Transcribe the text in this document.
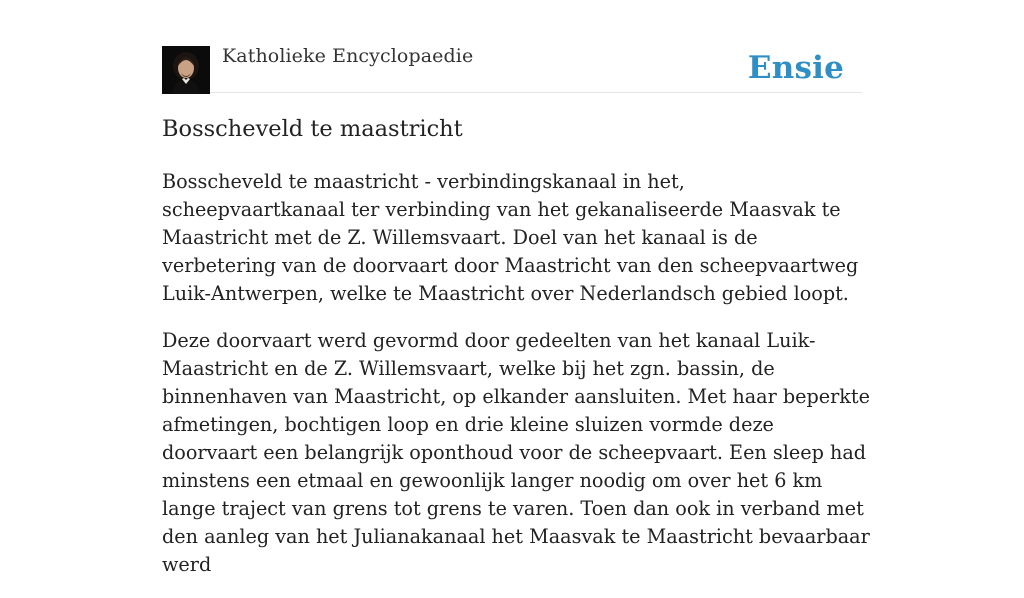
Katholieke Encyclopaedie	Ensie
Bosscheveld te maastricht

Bosscheveld te maastricht - verbindingskanaal in het, scheepvaartkanaal ter verbinding van het gekanaliseerde Maasvak te Maastricht met de Z. Willemsvaart. Doel van het kanaal is de verbetering van de doorvaart door Maastricht van den scheepvaartweg Luik-Antwerpen, welke te Maastricht over Nederlandsch gebied loopt.

Deze doorvaart werd gevormd door gedeelten van het kanaal Luik-Maastricht en de Z. Willemsvaart, welke bij het zgn. bassin, de binnenhaven van Maastricht, op elkander aansluiten. Met haar beperkte afmetingen, bochtigen loop en drie kleine sluizen vormde deze doorvaart een belangrijk oponthoud voor de scheepvaart. Een sleep had minstens een etmaal en gewoonlijk langer noodig om over het 6 km lange traject van grens tot grens te varen. Toen dan ook in verband met den aanleg van het Julianakanaal het Maasvak te Maastricht bevaarbaar werd
